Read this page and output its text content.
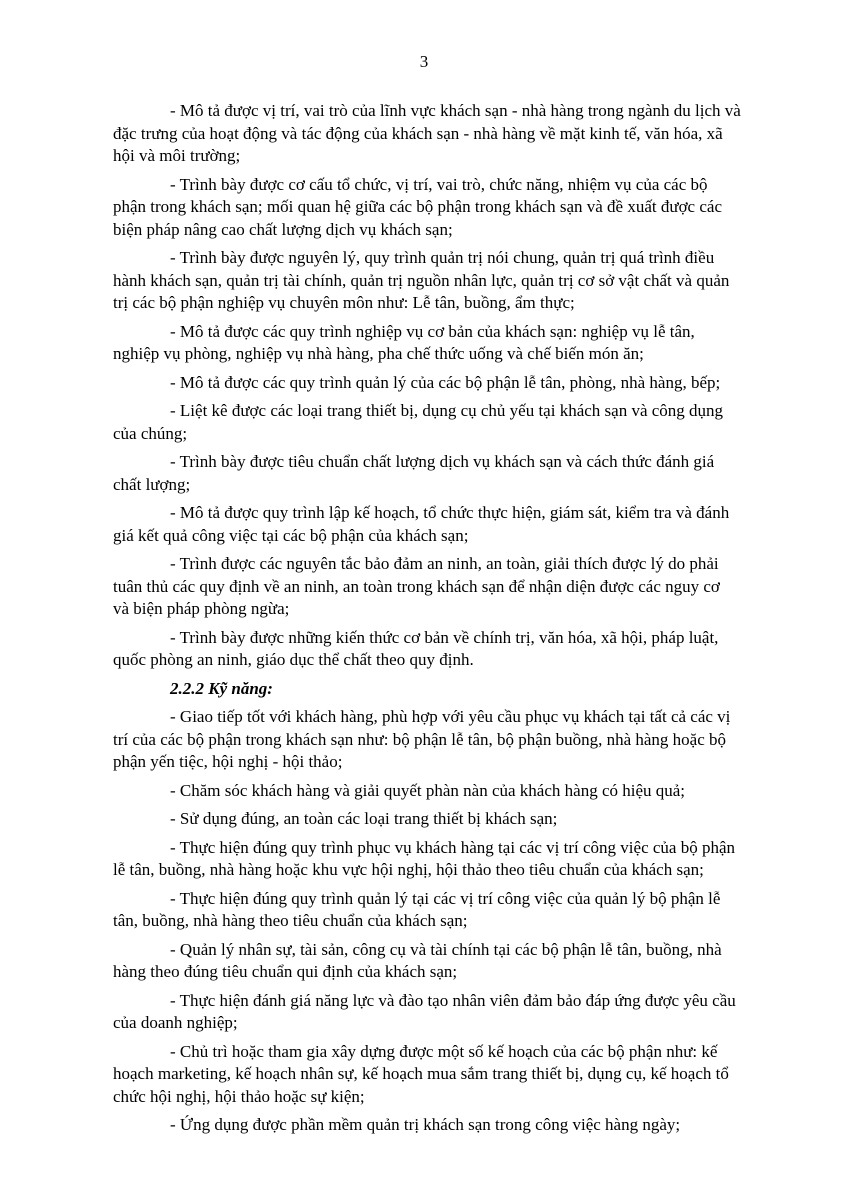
3

- Mô tả được vị trí, vai trò của lĩnh vực khách sạn - nhà hàng trong ngành du lịch và
đặc trưng của hoạt động và tác động của khách sạn - nhà hàng về mặt kinh tế, văn hóa, xã
hội và môi trường;

- Trình bày được cơ cấu tổ chức, vị trí, vai trò, chức năng, nhiệm vụ của các bộ
phận trong khách sạn; mối quan hệ giữa các bộ phận trong khách sạn và đề xuất được các
biện pháp nâng cao chất lượng dịch vụ khách sạn;

- Trình bày được nguyên lý, quy trình quản trị nói chung, quản trị quá trình điều
hành khách sạn, quản trị tài chính, quản trị nguồn nhân lực, quản trị cơ sở vật chất và quản
trị các bộ phận nghiệp vụ chuyên môn như: Lễ tân, buồng, ẩm thực;

- Mô tả được các quy trình nghiệp vụ cơ bản của khách sạn: nghiệp vụ lễ tân,
nghiệp vụ phòng, nghiệp vụ nhà hàng, pha chế thức uống và chế biến món ăn;

- Mô tả được các quy trình quản lý của các bộ phận lễ tân, phòng, nhà hàng, bếp;

- Liệt kê được các loại trang thiết bị, dụng cụ chủ yếu tại khách sạn và công dụng
của chúng;

- Trình bày được tiêu chuẩn chất lượng dịch vụ khách sạn và cách thức đánh giá
chất lượng;

- Mô tả được quy trình lập kế hoạch, tổ chức thực hiện, giám sát, kiểm tra và đánh
giá kết quả công việc tại các bộ phận của khách sạn;

- Trình được các nguyên tắc bảo đảm an ninh, an toàn, giải thích được lý do phải
tuân thủ các quy định về an ninh, an toàn trong khách sạn để nhận diện được các nguy cơ
và biện pháp phòng ngừa;

- Trình bày được những kiến thức cơ bản về chính trị, văn hóa, xã hội, pháp luật,
quốc phòng an ninh, giáo dục thể chất theo quy định.

2.2.2 Kỹ năng:

- Giao tiếp tốt với khách hàng, phù hợp với yêu cầu phục vụ khách tại tất cả các vị
trí của các bộ phận trong khách sạn như: bộ phận lễ tân, bộ phận buồng, nhà hàng hoặc bộ
phận yến tiệc, hội nghị - hội thảo;

- Chăm sóc khách hàng và giải quyết phàn nàn của khách hàng có hiệu quả;

- Sử dụng đúng, an toàn các loại trang thiết bị khách sạn;

- Thực hiện đúng quy trình phục vụ khách hàng tại các vị trí công việc của bộ phận
lễ tân, buồng, nhà hàng hoặc khu vực hội nghị, hội thảo theo tiêu chuẩn của khách sạn;

- Thực hiện đúng quy trình quản lý tại các vị trí công việc của quản lý bộ phận lễ
tân, buồng, nhà hàng theo tiêu chuẩn của khách sạn;

- Quản lý nhân sự, tài sản, công cụ và tài chính tại các bộ phận lễ tân, buồng, nhà
hàng theo đúng tiêu chuẩn qui định của khách sạn;

- Thực hiện đánh giá năng lực và đào tạo nhân viên đảm bảo đáp ứng được yêu cầu
của doanh nghiệp;

- Chủ trì hoặc tham gia xây dựng được một số kế hoạch của các bộ phận như: kế
hoạch marketing, kế hoạch nhân sự, kế hoạch mua sắm trang thiết bị, dụng cụ, kế hoạch tổ
chức hội nghị, hội thảo hoặc sự kiện;

- Ứng dụng được phần mềm quản trị khách sạn trong công việc hàng ngày;
